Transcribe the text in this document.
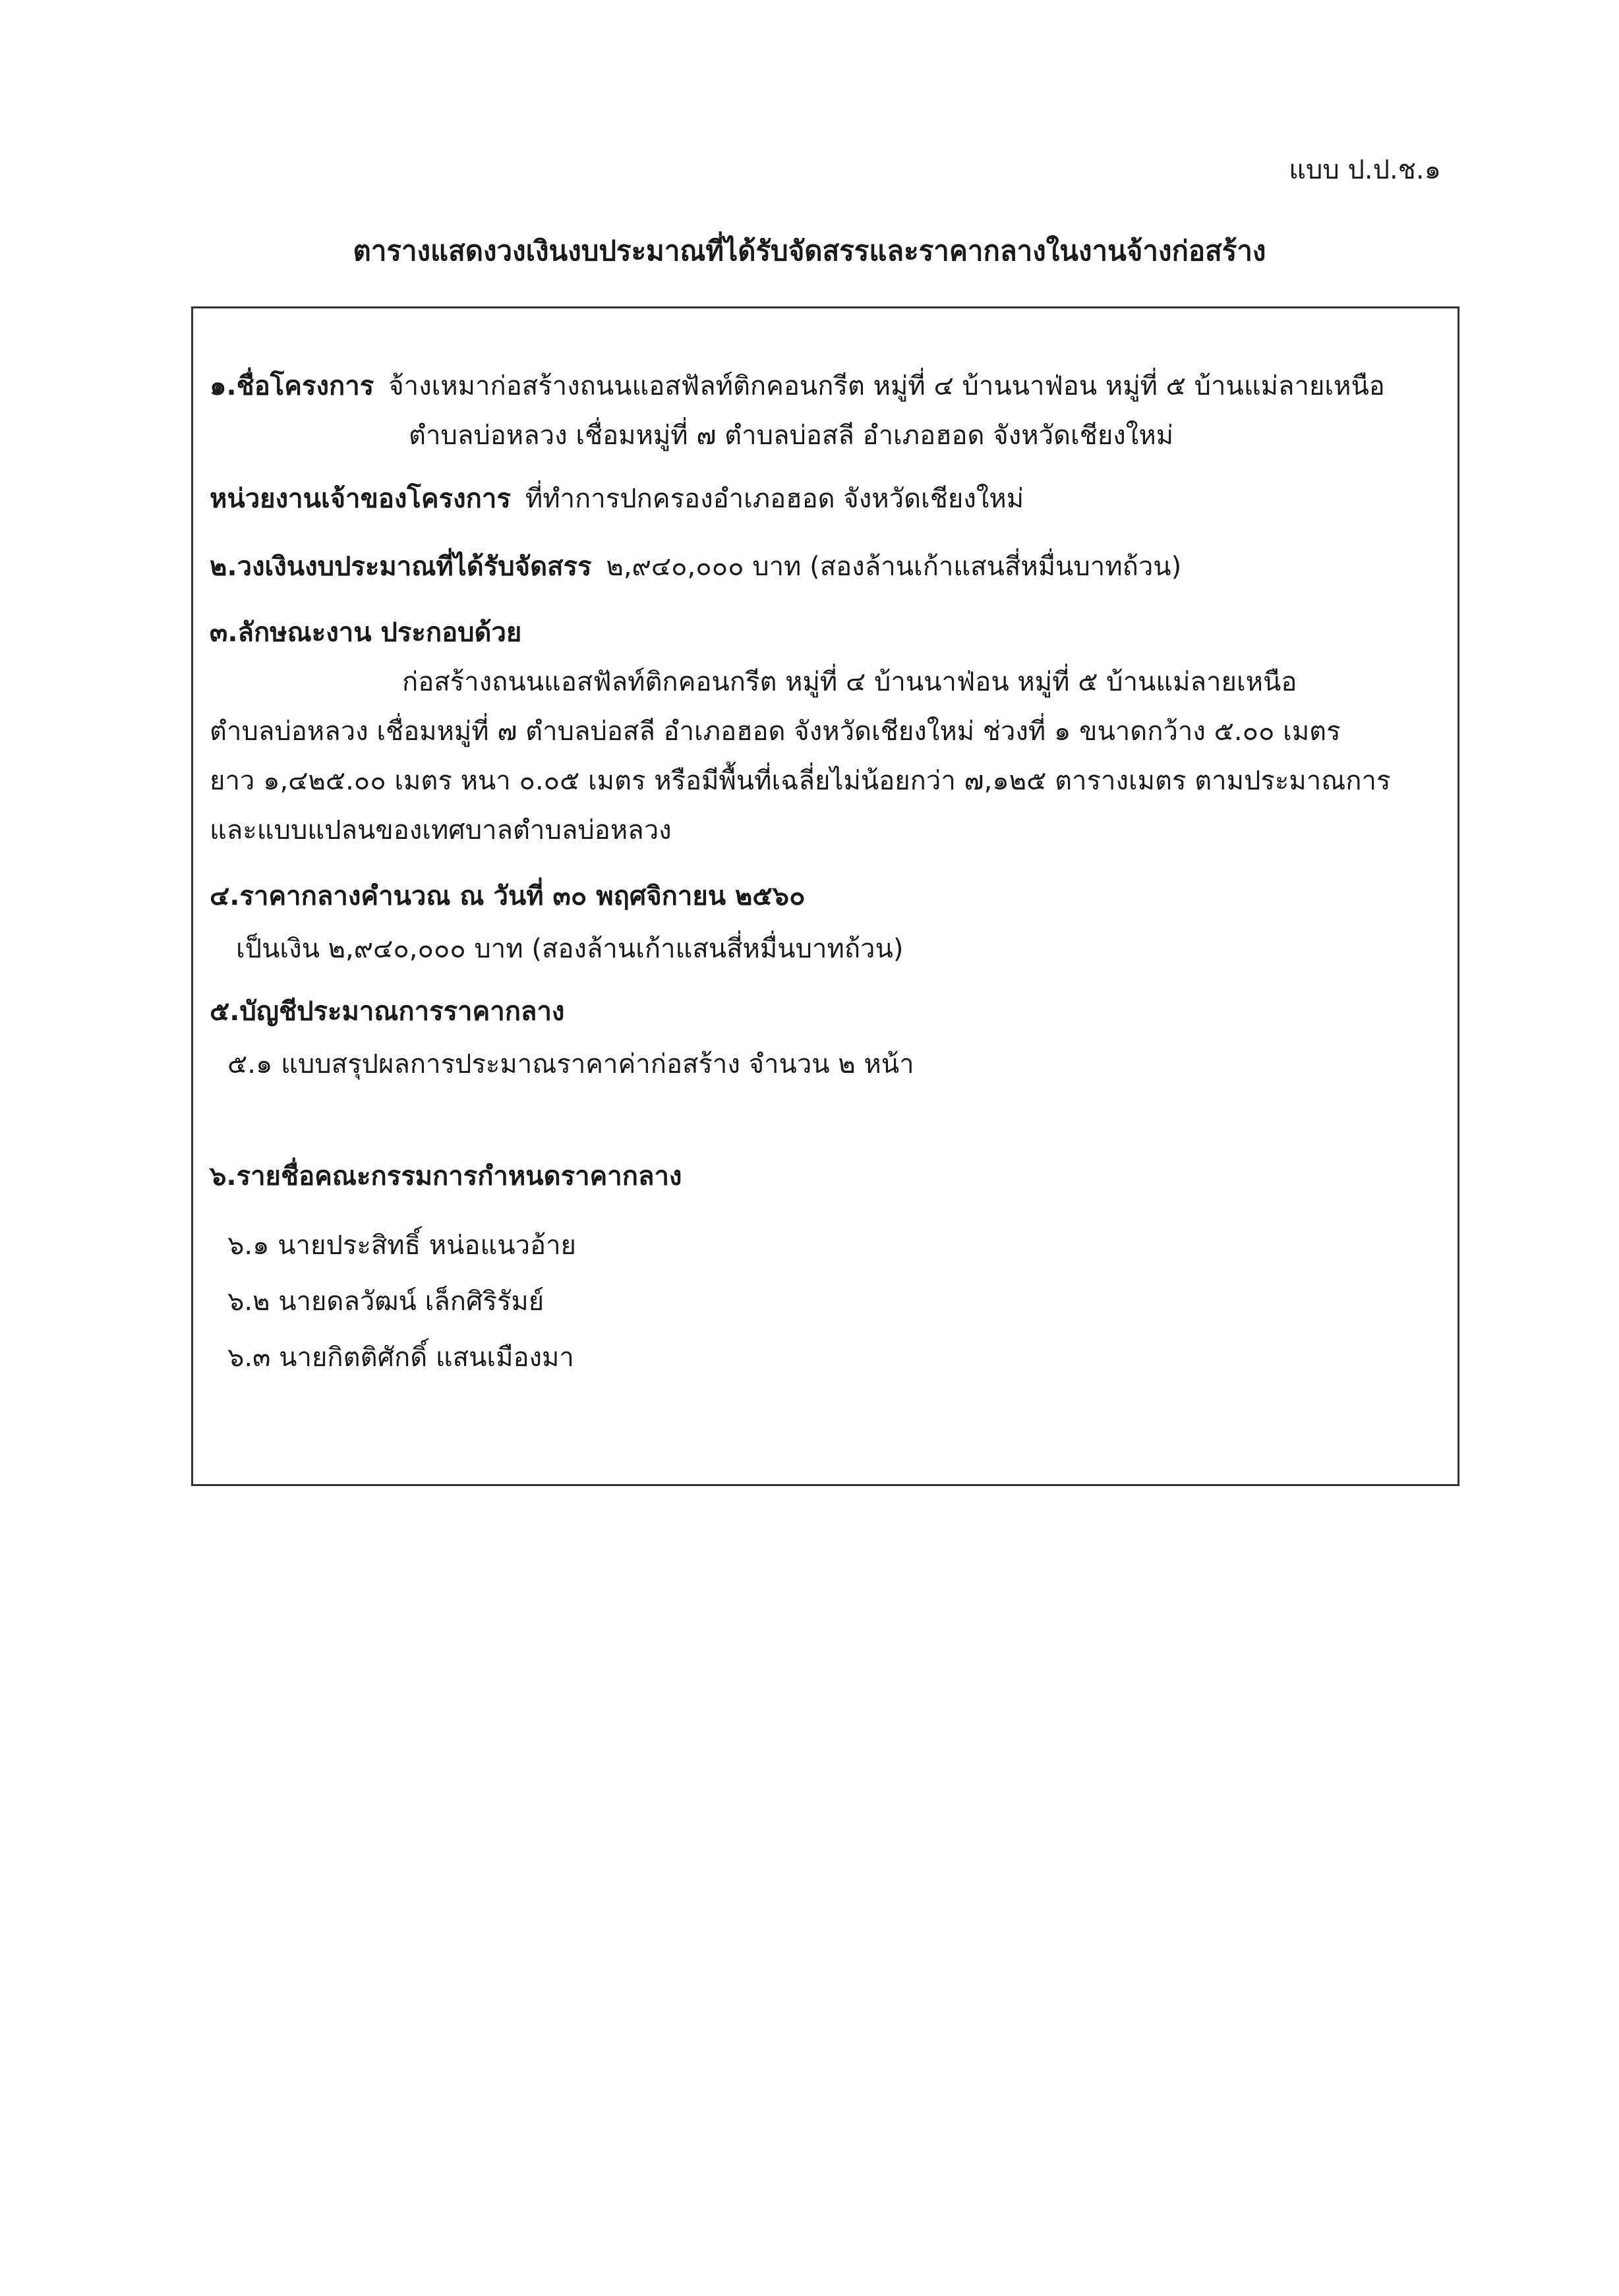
แบบ ป.ป.ช.๑
ตารางแสดงวงเงินงบประมาณที่ได้รับจัดสรรและราคากลางในงานจ้างก่อสร้าง
๑.ชื่อโครงการ จ้างเหมาก่อสร้างถนนแอสฟัลท์ติกคอนกรีต หมู่ที่ ๔ บ้านนาฟ่อน หมู่ที่ ๕ บ้านแม่ลายเหนือ
ตำบลบ่อหลวง เชื่อมหมู่ที่ ๗ ตำบลบ่อสลี อำเภอฮอด จังหวัดเชียงใหม่
หน่วยงานเจ้าของโครงการ ที่ทำการปกครองอำเภอฮอด จังหวัดเชียงใหม่
๒.วงเงินงบประมาณที่ได้รับจัดสรร ๒,๙๔๐,๐๐๐ บาท (สองล้านเก้าแสนสี่หมื่นบาทถ้วน)
๓.ลักษณะงาน ประกอบด้วย
ก่อสร้างถนนแอสฟัลท์ติกคอนกรีต หมู่ที่ ๔ บ้านนาฟ่อน หมู่ที่ ๕ บ้านแม่ลายเหนือ
ตำบลบ่อหลวง เชื่อมหมู่ที่ ๗ ตำบลบ่อสลี อำเภอฮอด จังหวัดเชียงใหม่ ช่วงที่ ๑ ขนาดกว้าง ๕.๐๐ เมตร
ยาว ๑,๔๒๕.๐๐ เมตร หนา ๐.๐๕ เมตร หรือมีพื้นที่เฉลี่ยไม่น้อยกว่า ๗,๑๒๕ ตารางเมตร ตามประมาณการ
และแบบแปลนของเทศบาลตำบลบ่อหลวง
๔.ราคากลางคำนวณ ณ วันที่ ๓๐ พฤศจิกายน ๒๕๖๐
เป็นเงิน ๒,๙๔๐,๐๐๐ บาท (สองล้านเก้าแสนสี่หมื่นบาทถ้วน)
๕.บัญชีประมาณการราคากลาง
๕.๑ แบบสรุปผลการประมาณราคาค่าก่อสร้าง จำนวน ๒ หน้า
๖.รายชื่อคณะกรรมการกำหนดราคากลาง
๖.๑ นายประสิทธิ์ หน่อแนวอ้าย
๖.๒ นายดลวัฒน์ เล็กศิริรัมย์
๖.๓ นายกิตติศักดิ์ แสนเมืองมา
